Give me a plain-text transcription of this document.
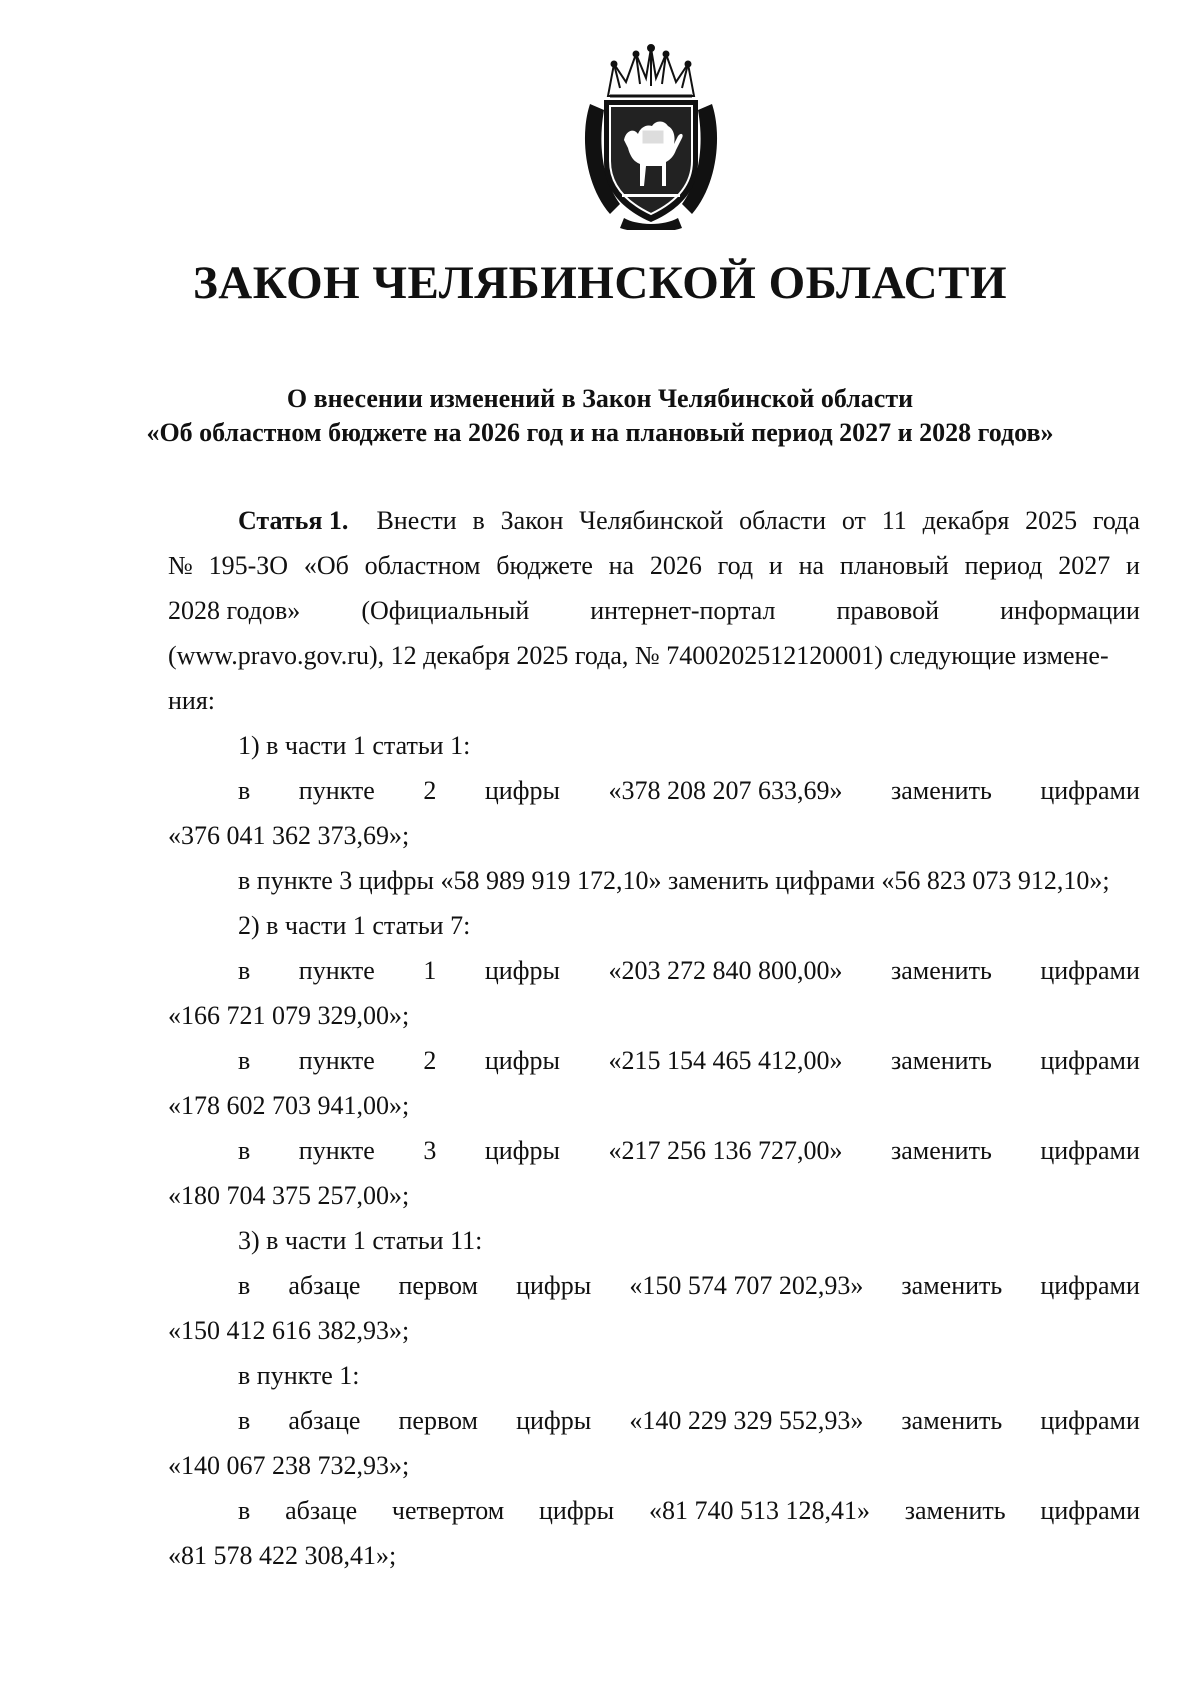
ЗАКОН ЧЕЛЯБИНСКОЙ ОБЛАСТИ
О внесении изменений в Закон Челябинской области
«Об областном бюджете на 2026 год и на плановый период 2027 и 2028 годов»
Статья 1. Внести в Закон Челябинской области от 11 декабря 2025 года
№ 195-ЗО «Об областном бюджете на 2026 год и на плановый период 2027 и
2028 годов» (Официальный интернет-портал правовой информации
(www.pravo.gov.ru), 12 декабря 2025 года, № 7400202512120001) следующие измене-
ния:
1) в части 1 статьи 1:
в пункте 2 цифры «378 208 207 633,69» заменить цифрами
«376 041 362 373,69»;
в пункте 3 цифры «58 989 919 172,10» заменить цифрами «56 823 073 912,10»;
2) в части 1 статьи 7:
в пункте 1 цифры «203 272 840 800,00» заменить цифрами
«166 721 079 329,00»;
в пункте 2 цифры «215 154 465 412,00» заменить цифрами
«178 602 703 941,00»;
в пункте 3 цифры «217 256 136 727,00» заменить цифрами
«180 704 375 257,00»;
3) в части 1 статьи 11:
в абзаце первом цифры «150 574 707 202,93» заменить цифрами
«150 412 616 382,93»;
в пункте 1:
в абзаце первом цифры «140 229 329 552,93» заменить цифрами
«140 067 238 732,93»;
в абзаце четвертом цифры «81 740 513 128,41» заменить цифрами
«81 578 422 308,41»;
